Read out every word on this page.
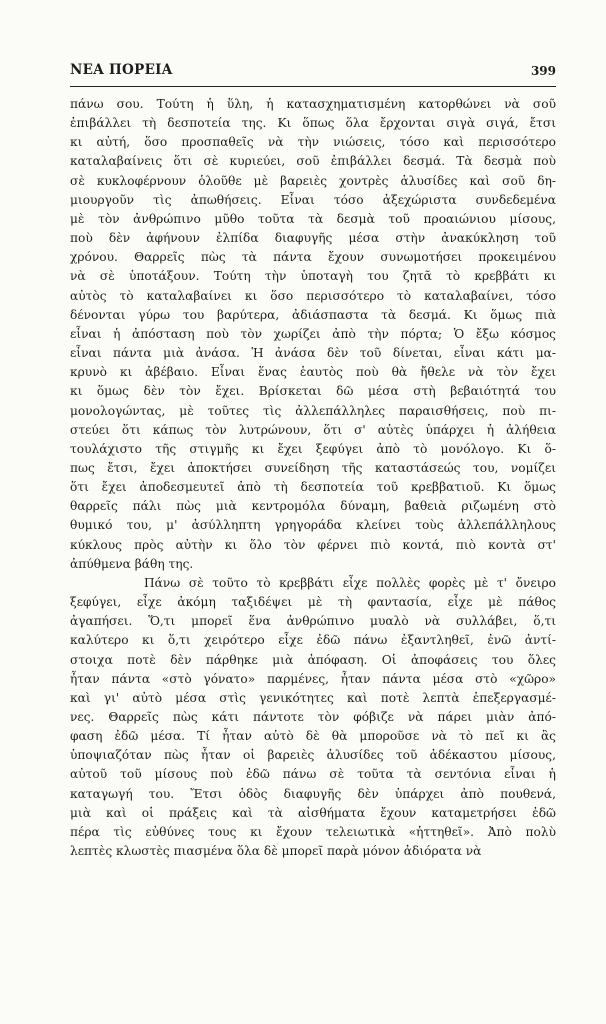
ΝΕΑ ΠΟΡΕΙΑ	399
πάνω σου. Τούτη ἡ ὕλη, ἡ κατασχηματισμένη κατορθώνει νὰ σοῦ
ἐπιβάλλει τὴ δεσποτεία της. Κι ὅπως ὅλα ἔρχονται σιγὰ σιγά, ἔτσι
κι αὐτή, ὅσο προσπαθεῖς νὰ τὴν νιώσεις, τόσο καὶ περισσότερο
καταλαβαίνεις ὅτι σὲ κυριεύει, σοῦ ἐπιβάλλει δεσμά. Τὰ δεσμὰ ποὺ
σὲ κυκλοφέρνουν ὁλοῦθε μὲ βαρειὲς χοντρὲς ἁλυσίδες καὶ σοῦ δη-
μιουργοῦν τὶς ἀπωθήσεις. Εἶναι τόσο ἀξεχώριστα συνδεδεμένα
μὲ τὸν ἀνθρώπινο μῦθο τοῦτα τὰ δεσμὰ τοῦ προαιώνιου μίσους,
ποὺ δὲν ἀφήνουν ἐλπίδα διαφυγῆς μέσα στὴν ἀνακύκληση τοῦ
χρόνου. Θαρρεῖς πὼς τὰ πάντα ἔχουν συνωμοτήσει προκειμένου
νὰ σὲ ὑποτάξουν. Τούτη τὴν ὑποταγὴ του ζητᾶ τὸ κρεββάτι κι
αὐτὸς τὸ καταλαβαίνει κι ὅσο περισσότερο τὸ καταλαβαίνει, τόσο
δένονται γύρω του βαρύτερα, ἀδιάσπαστα τὰ δεσμά. Κι ὅμως πιὰ
εἶναι ἡ ἀπόσταση ποὺ τὸν χωρίζει ἀπὸ τὴν πόρτα; Ὁ ἔξω κόσμος
εἶναι πάντα μιὰ ἀνάσα. Ἡ ἀνάσα δὲν τοῦ δίνεται, εἶναι κάτι μα-
κρυνὸ κι ἀβέβαιο. Εἶναι ἕνας ἑαυτὸς ποὺ θὰ ἤθελε νὰ τὸν ἔχει
κι ὅμως δὲν τὸν ἔχει. Βρίσκεται δῶ μέσα στὴ βεβαιότητά του
μονολογώντας, μὲ τοῦτες τὶς ἀλλεπάλληλες παραισθήσεις, ποὺ πι-
στεύει ὅτι κάπως τὸν λυτρώνουν, ὅτι σ' αὐτὲς ὑπάρχει ἡ ἀλήθεια
τουλάχιστο τῆς στιγμῆς κι ἔχει ξεφύγει ἀπὸ τὸ μονόλογο. Κι ὅ-
πως ἔτσι, ἔχει ἀποκτήσει συνείδηση τῆς καταστάσεώς του, νομίζει
ὅτι ἔχει ἀποδεσμευτεῖ ἀπὸ τὴ δεσποτεία τοῦ κρεββατιοῦ. Κι ὅμως
θαρρεῖς πάλι πὼς μιὰ κεντρομόλα δύναμη, βαθειὰ ριζωμένη στὸ
θυμικό του, μ' ἀσύλληπτη γρηγοράδα κλείνει τοὺς ἀλλεπάλληλους
κύκλους πρὸς αὐτὴν κι ὅλο τὸν φέρνει πιὸ κοντά, πιὸ κοντὰ στ'
ἀπύθμενα βάθη της.
Πάνω σὲ τοῦτο τὸ κρεββάτι εἶχε πολλὲς φορὲς μὲ τ' ὄνειρο
ξεφύγει, εἶχε ἀκόμη ταξιδέψει μὲ τὴ φαντασία, εἶχε μὲ πάθος
ἀγαπήσει. Ὅ,τι μπορεῖ ἕνα ἀνθρώπινο μυαλὸ νὰ συλλάβει, ὅ,τι
καλύτερο κι ὅ,τι χειρότερο εἶχε ἐδῶ πάνω ἐξαντληθεῖ, ἐνῶ ἀντί-
στοιχα ποτὲ δὲν πάρθηκε μιὰ ἀπόφαση. Οἱ ἀποφάσεις του ὅλες
ἦταν πάντα «στὸ γόνατο» παρμένες, ἦταν πάντα μέσα στὸ «χῶρο»
καὶ γι' αὐτὸ μέσα στὶς γενικότητες καὶ ποτὲ λεπτὰ ἐπεξεργασμέ-
νες. Θαρρεῖς πὼς κάτι πάντοτε τὸν φόβιζε νὰ πάρει μιὰν ἀπό-
φαση ἐδῶ μέσα. Τί ἦταν αὐτὸ δὲ θὰ μποροῦσε νὰ τὸ πεῖ κι ἂς
ὑποψιαζόταν πὼς ἦταν οἱ βαρειὲς ἁλυσίδες τοῦ ἀδέκαστου μίσους,
αὐτοῦ τοῦ μίσους ποὺ ἐδῶ πάνω σὲ τοῦτα τὰ σεντόνια εἶναι ἡ
καταγωγή του. Ἔτσι ὁδὸς διαφυγῆς δὲν ὑπάρχει ἀπὸ πουθενά,
μιὰ καὶ οἱ πράξεις καὶ τὰ αἰσθήματα ἔχουν καταμετρήσει ἐδῶ
πέρα τὶς εὐθύνες τους κι ἔχουν τελειωτικὰ «ἡττηθεῖ». Ἀπὸ πολὺ
λεπτὲς κλωστὲς πιασμένα ὅλα δὲ μπορεῖ παρὰ μόνον ἀδιόρατα νὰ
